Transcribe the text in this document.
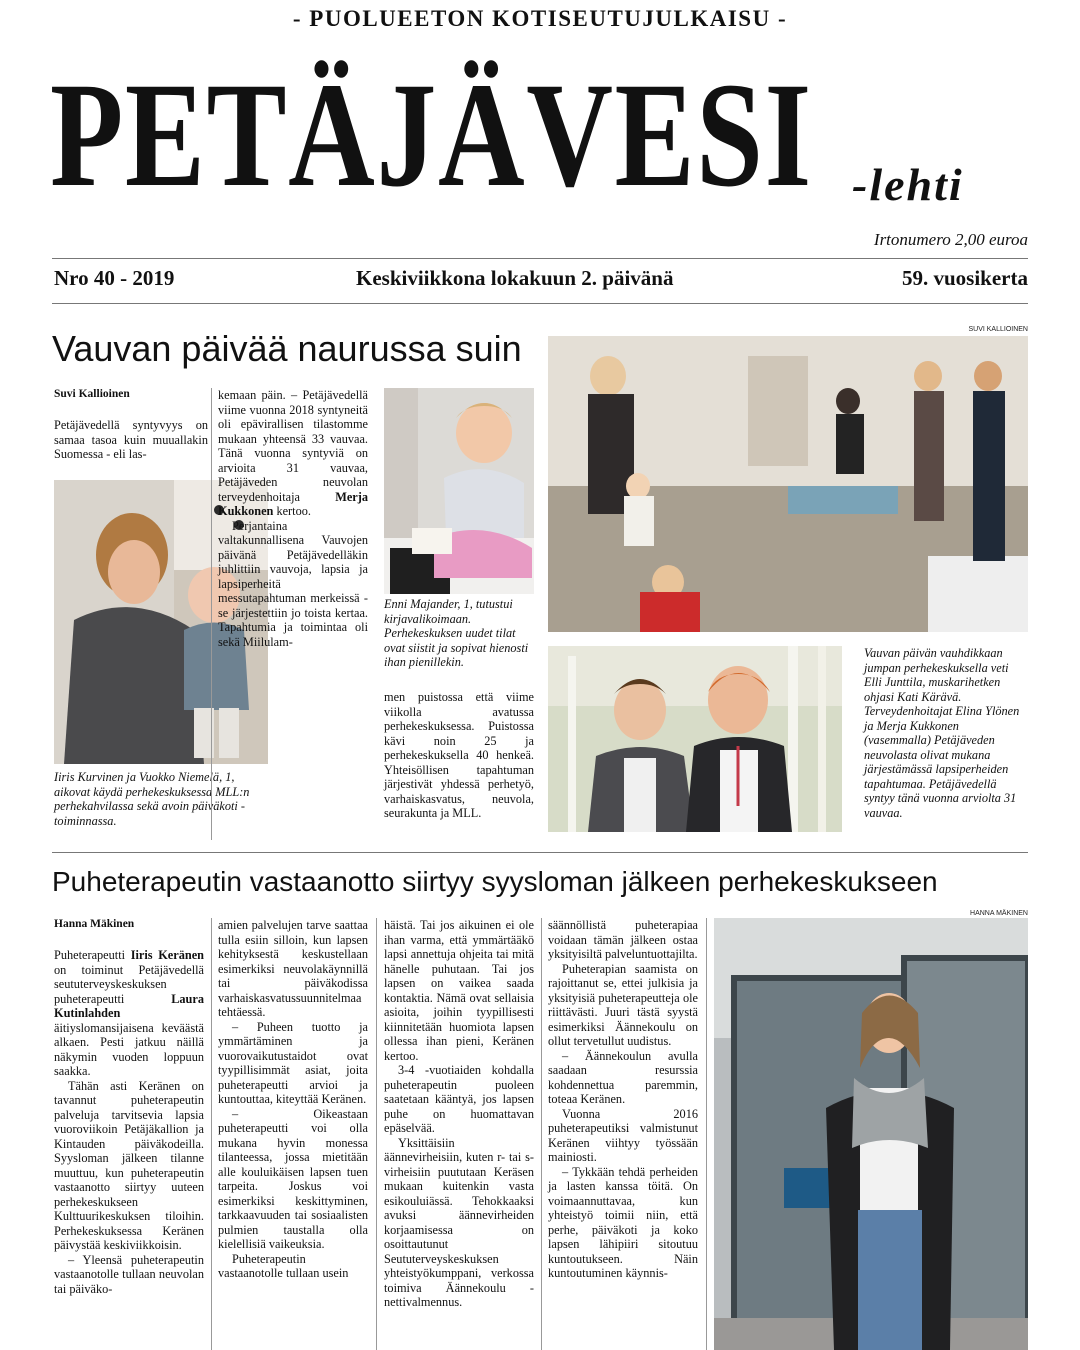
- PUOLUEETON KOTISEUTUJULKAISU -
PETÄJÄVESI -lehti
Irtonumero 2,00 euroa
Nro 40 - 2019	Keskiviikkona lokakuun 2. päivänä	59. vuosikerta
Vauvan päivää naurussa suin	SUVI KALLIOINEN
Suvi Kallioinen

Petäjävedellä syntyvyys on samaa tasoa kuin muuallakin Suomessa - eli las-

Iiris Kurvinen ja Vuokko Niemelä, 1, aikovat käydä perhekeskuksessa MLL:n perhekahvilassa sekä avoin päiväkoti -toiminnassa.

kemaan päin. – Petäjävedellä viime vuonna 2018 syntyneitä oli epävirallisen tilastomme mukaan yhteensä 33 vauvaa. Tänä vuonna syntyviä on arvioita 31 vauvaa, Petäjäveden neuvolan terveydenhoitaja	Merja Kukkonen kertoo.

Perjantaina valtakunnallisena Vauvojen päivänä Petäjävedelläkin juhlittiin vauvoja, lapsia ja lapsiperheitä messutapahtuman merkeissä - se järjestettiin jo toista kertaa. Tapahtumia ja toimintaa oli sekä Miilulam-

Enni Majander, 1, tutustui kirjavalikoimaan. Perhekeskuksen uudet tilat ovat siistit ja sopivat hienosti ihan pienillekin.

men puistossa että viime viikolla avatussa perhekeskuksessa. Puistossa kävi noin 25 ja perhekeskuksella 40 henkeä. Yhteisöllisen tapahtuman järjestivät yhdessä perhetyö, varhaiskasvatus, neuvola, seurakunta ja MLL.

Vauvan päivän vauhdikkaan jumpan perhekeskuksella veti Elli Junttila, muskarihetken ohjasi Kati Kärävä. Terveydenhoitajat Elina Ylönen ja Merja Kukkonen (vasemmalla) Petäjäveden neuvolasta olivat mukana järjestämässä lapsiperheiden tapahtumaa. Petäjävedellä syntyy tänä vuonna arviolta 31 vauvaa.
Puheterapeutin vastaanotto siirtyy syysloman jälkeen perhekeskukseen
HANNA MÄKINEN
Hanna Mäkinen

Puheterapeutti Iiris Keränen on toiminut Petäjävedellä seututerveyskeskuksen puheterapeutti	Laura Kutinlahden äitiyslomansijaisena keväästä alkaen. Pesti jatkuu näillä näkymin vuoden loppuun saakka.

Tähän asti Keränen on tavannut puheterapeutin palveluja tarvitsevia lapsia vuoroviikoin Petäjäkallion ja Kintauden päiväkodeilla. Syysloman jälkeen tilanne muuttuu, kun puheterapeutin vastaanotto siirtyy uuteen perhekeskukseen Kulttuurikeskuksen tiloihin. Perhekeskuksessa Keränen päivystää keskiviikkoisin.

– Yleensä puheterapeutin vastaanotolle tullaan neuvolan tai päiväko-

amien palvelujen tarve saattaa tulla esiin silloin, kun lapsen kehityksestä keskustellaan esimerkiksi neuvolakäynnillä tai päiväkodissa varhaiskasvatussuunnitelmaa tehtäessä.

– Puheen tuotto ja ymmärtäminen ja vuorovaikutustaidot ovat tyypillisimmät asiat, joita puheterapeutti arvioi ja kuntouttaa, kiteyttää Keränen.

– Oikeastaan puheterapeutti voi olla mukana hyvin monessa tilanteessa, jossa mietitään alle kouluikäisen lapsen tuen tarpeita. Joskus voi esimerkiksi keskittyminen, tarkkaavuuden tai sosiaalisten pulmien taustalla olla kielellisiä vaikeuksia.

Puheterapeutin vastaanotolle tullaan usein

häistä. Tai jos aikuinen ei ole ihan varma, että ymmärtääkö lapsi annettuja ohjeita tai mitä hänelle puhutaan. Tai jos lapsen on vaikea saada kontaktia. Nämä ovat sellaisia asioita, joihin tyypillisesti kiinnitetään huomiota lapsen ollessa ihan pieni, Keränen kertoo.

3-4 -vuotiaiden kohdalla puheterapeutin puoleen saatetaan kääntyä, jos lapsen puhe on huomattavan epäselvää.

Yksittäisiin äännevirheisiin, kuten r- tai s-virheisiin puututaan Keräsen mukaan kuitenkin vasta esikouluiässä. Tehokkaaksi avuksi äännevirheiden korjaamisessa on osoittautunut Seututerveyskeskuksen yhteistyökumppani, verkossa toimiva Äännekoulu -nettivalmennus.

säännöllistä puheterapiaa voidaan tämän jälkeen ostaa yksityisiltä palveluntuottajilta.

Puheterapian saamista on rajoittanut se, ettei julkisia ja yksityisiä puheterapeutteja ole riittävästi. Juuri tästä syystä esimerkiksi Äännekoulu on ollut tervetullut uudistus.

– Äännekoulun avulla saadaan resurssia kohdennettua paremmin, toteaa Keränen.

Vuonna 2016 puheterapeutiksi valmistunut Keränen viihtyy työssään mainiosti.

– Tykkään tehdä perheiden ja lasten kanssa töitä. On voimaannuttavaa, kun yhteistyö toimii niin, että perhe, päiväkoti ja koko lapsen lähipiiri sitoutuu kuntoutukseen. Näin kuntoutuminen käynnis-
